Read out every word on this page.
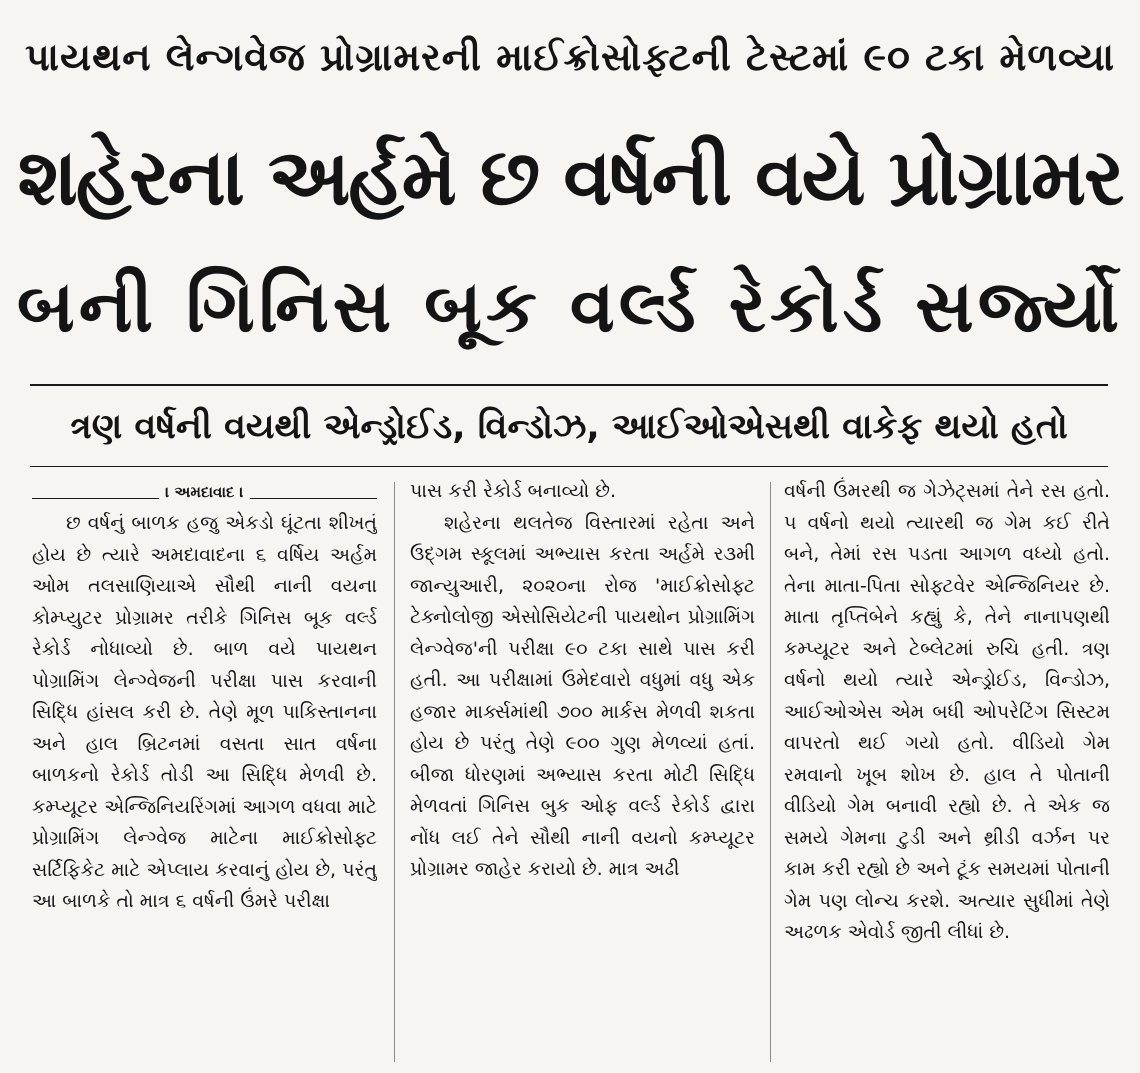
પાયથન લેન્ગવેજ પ્રોગ્રામરની માઈક્રોસોફ્ટની ટેસ્ટમાં ૯૦ ટકા મેળવ્યા
શહેરના અર્હમે છ વર્ષની વયે પ્રોગ્રામર
બની ગિનિસ બૂક વર્લ્ડ રેકોર્ડ સર્જ્યો
ત્રણ વર્ષની વયથી એન્ડ્રોઈડ, વિન્ડોઝ, આઈઓએસથી વાકેફ થયો હતો
। અમદાવાદ ।

છ વર્ષનું બાળક હજુ એકડો ઘૂંટતા શીખતું હોય છે ત્યારે અમદાવાદના ૬ વર્ષિય અર્હમ ઓમ તલસાણિયાએ સૌથી નાની વયના કોમ્પ્યુટર પ્રોગ્રામર તરીકે ગિનિસ બૂક વર્લ્ડ રેકોર્ડ નોધાવ્યો છે. બાળ વયે પાયથન પોગ્રામિંગ લેન્ગ્વેજની પરીક્ષા પાસ કરવાની સિદ્ધિ હાંસલ કરી છે. તેણે મૂળ પાકિસ્તાનના અને હાલ બ્રિટનમાં વસતા સાત વર્ષના બાળકનો રેકોર્ડ તોડી આ સિદ્ધિ મેળવી છે. કમ્પ્યૂટર એન્જિનિયરિંગમાં આગળ વધવા માટે પ્રોગ્રામિંગ લેન્ગ્વેજ માટેના માઈક્રોસોફ્ટ સર્ટિફિકેટ માટે એપ્લાય કરવાનું હોય છે, પરંતુ આ બાળકે તો માત્ર ૬ વર્ષની ઉંમરે પરીક્ષા

પાસ કરી રેકોર્ડ બનાવ્યો છે.

શહેરના થલતેજ વિસ્તારમાં રહેતા અને ઉદ્‌ગમ સ્કૂલમાં અભ્યાસ કરતા અર્હમે ર૩મી જાન્યુઆરી, ૨૦૨૦ના રોજ 'માઈક્રોસોફ્ટ ટેક્નોલોજી એસોસિયેટની પાયથોન પ્રોગ્રામિંગ લેન્ગ્વેજ'ની પરીક્ષા ૯૦ ટકા સાથે પાસ કરી હતી. આ પરીક્ષામાં ઉમેદવારો વધુમાં વધુ એક હજાર માર્ક્સમાંથી ૭૦૦ માર્કસ મેળવી શકતા હોય છે પરંતુ તેણે ૯૦૦ ગુણ મેળવ્યાં હતાં. બીજા ધોરણમાં અભ્યાસ કરતા મોટી સિદ્ધિ મેળવતાં ગિનિસ બુક ઓફ વર્લ્ડ રેકોર્ડ દ્વારા નોંધ લઈ તેને સૌથી નાની વયનો કમ્પ્યૂટર પ્રોગ્રામર જાહેર કરાયો છે. માત્ર અઢી

વર્ષની ઉંમરથી જ ગેઝેટ્સમાં તેને રસ હતો. ૫ વર્ષનો થયો ત્યારથી જ ગેમ કઈ રીતે બને, તેમાં રસ પડતા આગળ વધ્યો હતો. તેના માતા-પિતા સોફ્ટવેર એન્જિનિયર છે. માતા તૃપ્તિબેને કહ્યું કે, તેને નાનાપણથી કમ્પ્યૂટર અને ટેબ્લેટમાં રુચિ હતી. ત્રણ વર્ષનો થયો ત્યારે એન્ડ્રોઈડ, વિન્ડોઝ, આઈઓએસ એમ બધી ઓપરેટિંગ સિસ્ટમ વાપરતો થઈ ગયો હતો. વીડિયો ગેમ રમવાનો ખૂબ શોખ છે. હાલ તે પોતાની વીડિયો ગેમ બનાવી રહ્યો છે. તે એક જ સમયે ગેમના ટુડી અને થ્રીડી વર્ઝન પર કામ કરી રહ્યો છે અને ટૂંક સમયમાં પોતાની ગેમ પણ લોન્ચ કરશે. અત્યાર સુધીમાં તેણે અઢળક એવોર્ડ જીતી લીધાં છે.
